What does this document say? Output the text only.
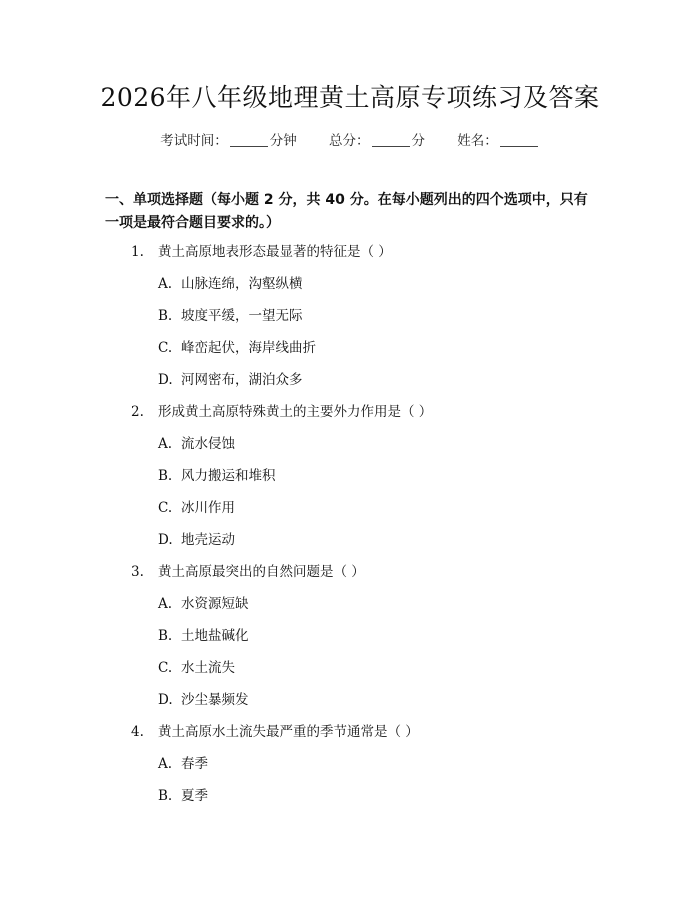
2026年八年级地理黄土高原专项练习及答案
考试时间：	分钟 总分：	分 姓名：
一、单项选择题（每小题 2 分，共 40 分。在每小题列出的四个选项中，只有一项是最符合题目要求的。）
1. 黄土高原地表形态最显著的特征是（ ）
A. 山脉连绵，沟壑纵横
B. 坡度平缓，一望无际
C. 峰峦起伏，海岸线曲折
D. 河网密布，湖泊众多
2. 形成黄土高原特殊黄土的主要外力作用是（ ）
A. 流水侵蚀
B. 风力搬运和堆积
C. 冰川作用
D. 地壳运动
3. 黄土高原最突出的自然问题是（ ）
A. 水资源短缺
B. 土地盐碱化
C. 水土流失
D. 沙尘暴频发
4. 黄土高原水土流失最严重的季节通常是（ ）
A. 春季
B. 夏季
